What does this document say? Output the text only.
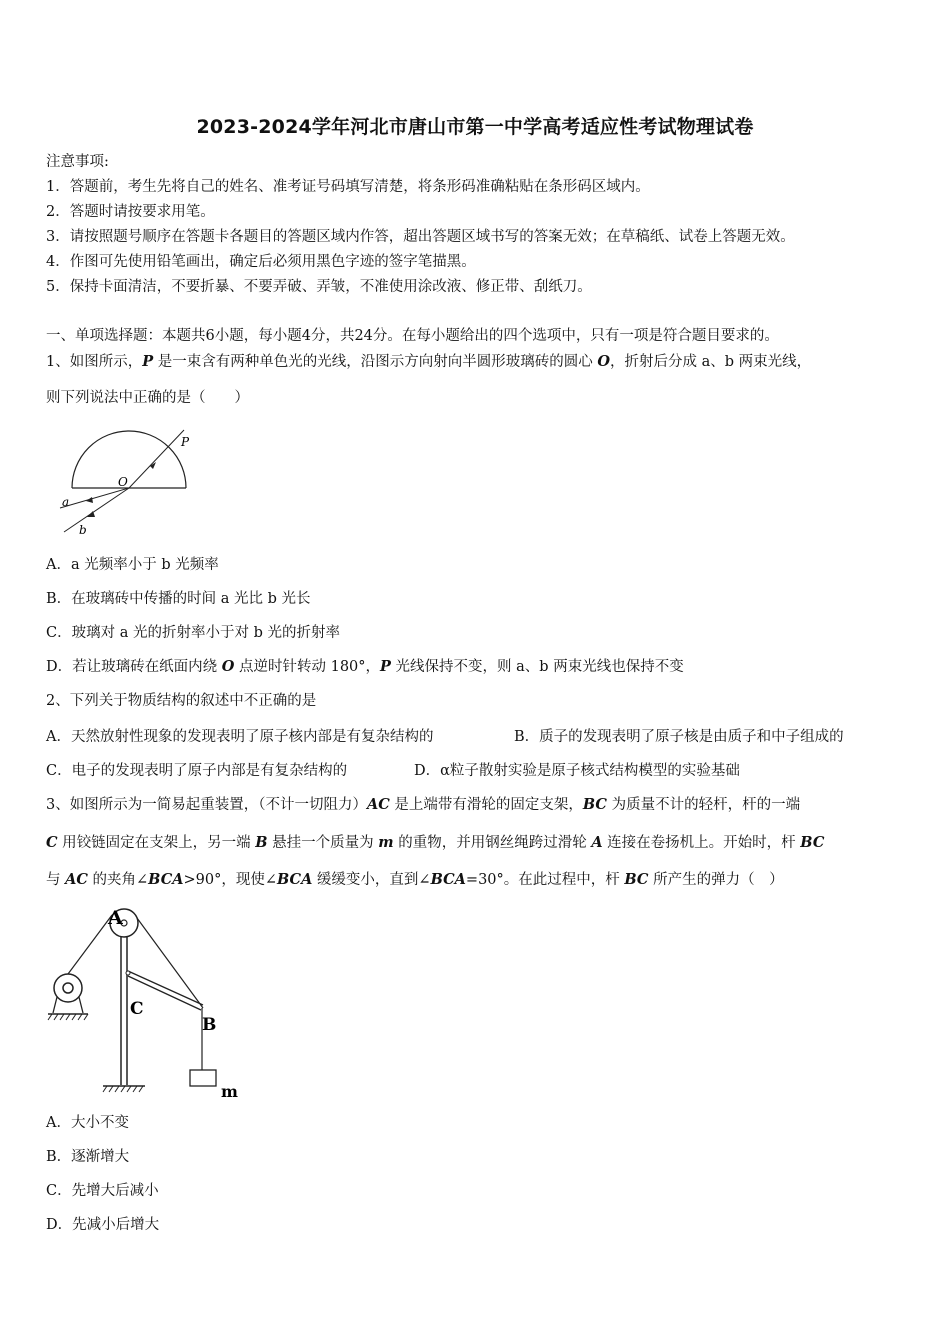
2023-2024学年河北市唐山市第一中学高考适应性考试物理试卷
注意事项:
1．答题前，考生先将自己的姓名、准考证号码填写清楚，将条形码准确粘贴在条形码区域内。
2．答题时请按要求用笔。
3．请按照题号顺序在答题卡各题目的答题区域内作答，超出答题区域书写的答案无效；在草稿纸、试卷上答题无效。
4．作图可先使用铅笔画出，确定后必须用黑色字迹的签字笔描黑。
5．保持卡面清洁，不要折暴、不要弄破、弄皱，不准使用涂改液、修正带、刮纸刀。
一、单项选择题：本题共6小题，每小题4分，共24分。在每小题给出的四个选项中，只有一项是符合题目要求的。
1、如图所示，P 是一束含有两种单色光的光线，沿图示方向射向半圆形玻璃砖的圆心 O，折射后分成 a、b 两束光线，
则下列说法中正确的是（　　）
P
O
a
b
A．a 光频率小于 b 光频率
B．在玻璃砖中传播的时间 a 光比 b 光长
C．玻璃对 a 光的折射率小于对 b 光的折射率
D．若让玻璃砖在纸面内绕 O 点逆时针转动 180°，P 光线保持不变，则 a、b 两束光线也保持不变
2、下列关于物质结构的叙述中不正确的是
A．天然放射性现象的发现表明了原子核内部是有复杂结构的	B．质子的发现表明了原子核是由质子和中子组成的
C．电子的发现表明了原子内部是有复杂结构的	D．α粒子散射实验是原子核式结构模型的实验基础
3、如图所示为一简易起重装置，（不计一切阻力）AC 是上端带有滑轮的固定支架，BC 为质量不计的轻杆，杆的一端
C 用铰链固定在支架上，另一端 B 悬挂一个质量为 m 的重物，并用钢丝绳跨过滑轮 A 连接在卷扬机上。开始时，杆 BC
与 AC 的夹角∠BCA>90°，现使∠BCA 缓缓变小，直到∠BCA=30°。在此过程中，杆 BC 所产生的弹力（　）
A
C
B
m
A．大小不变
B．逐渐增大
C．先增大后减小
D．先减小后增大
